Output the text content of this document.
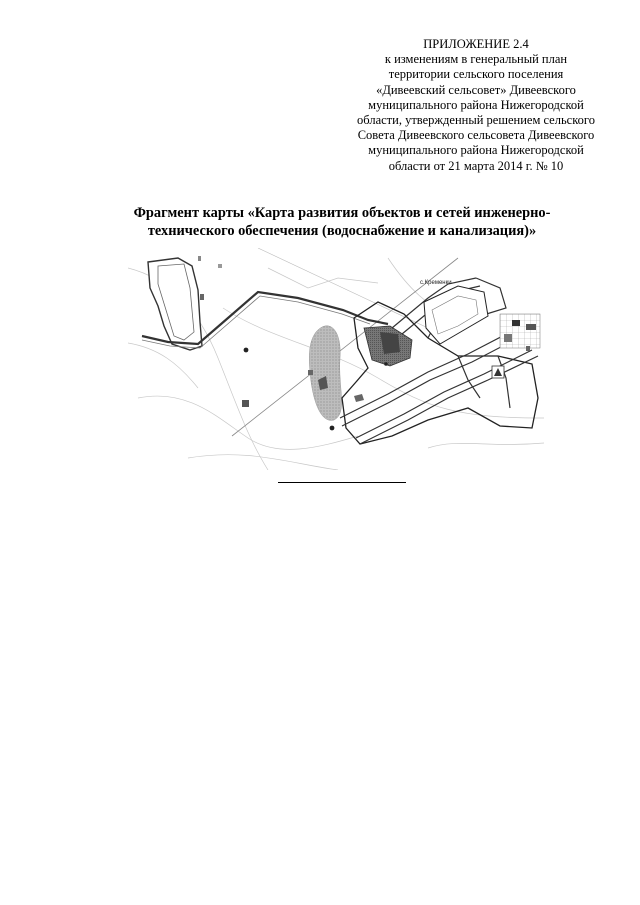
ПРИЛОЖЕНИЕ 2.4
к изменениям в генеральный план
территории сельского поселения
«Дивеевский сельсовет» Дивеевского
муниципального района Нижегородской
области, утвержденный решением сельского
Совета Дивеевского сельсовета Дивеевского
муниципального района Нижегородской
области от 21 марта 2014 г. № 10
Фрагмент карты «Карта развития объектов и сетей инженерно-
технического обеспечения (водоснабжение и канализация)»
с.Кременки
